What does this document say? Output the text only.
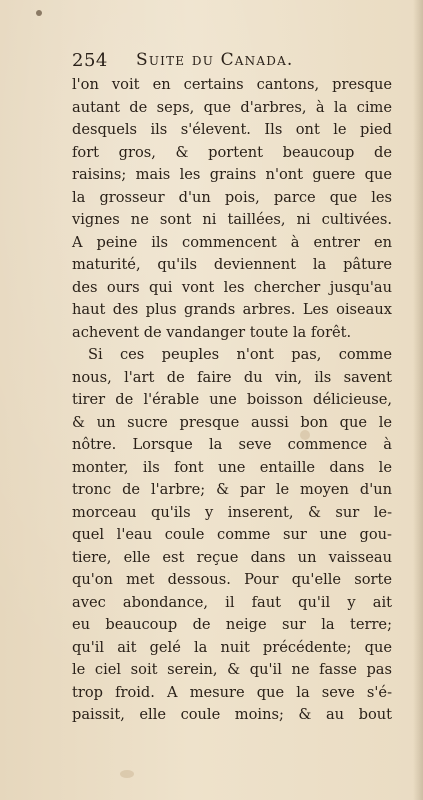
254 Suite du Canada.
l'on voit en certains cantons, presque
autant de seps, que d'arbres, à la cime
desquels ils s'élevent. Ils ont le pied
fort gros, & portent beaucoup de
raisins; mais les grains n'ont guere que
la grosseur d'un pois, parce que les
vignes ne sont ni taillées, ni cultivées.
A peine ils commencent à entrer en
maturité, qu'ils deviennent la pâture
des ours qui vont les chercher jusqu'au
haut des plus grands arbres. Les oiseaux
achevent de vandanger toute la forêt.
Si ces peuples n'ont pas, comme
nous, l'art de faire du vin, ils savent
tirer de l'érable une boisson délicieuse,
& un sucre presque aussi bon que le
nôtre. Lorsque la seve commence à
monter, ils font une entaille dans le
tronc de l'arbre; & par le moyen d'un
morceau qu'ils y inserent, & sur le-
quel l'eau coule comme sur une gou-
tiere, elle est reçue dans un vaisseau
qu'on met dessous. Pour qu'elle sorte
avec abondance, il faut qu'il y ait
eu beaucoup de neige sur la terre;
qu'il ait gelé la nuit précédente; que
le ciel soit serein, & qu'il ne fasse pas
trop froid. A mesure que la seve s'é-
paissit, elle coule moins; & au bout
